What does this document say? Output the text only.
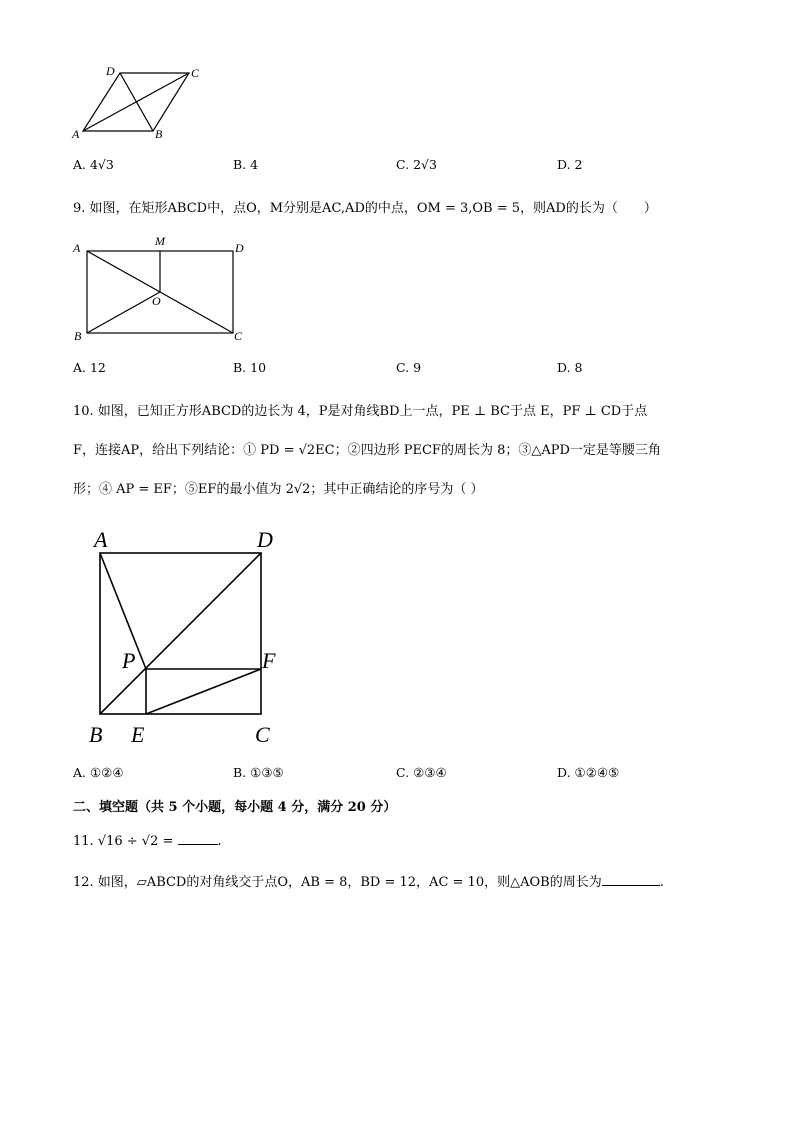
D	C
A	B
A. 4√3	B. 4	C. 2√3	D. 2
9. 如图，在矩形ABCD中，点O，M分别是AC,AD的中点，OM = 3,OB = 5，则AD的长为（　　）
A	M	D
O
B	C
A. 12	B. 10	C. 9	D. 8
10. 如图，已知正方形ABCD的边长为 4，P是对角线BD上一点，PE ⊥ BC于点 E，PF ⊥ CD于点
F，连接AP，给出下列结论：① PD = √2EC；②四边形 PECF的周长为 8；③△APD一定是等腰三角
形；④ AP = EF；⑤EF的最小值为 2√2；其中正确结论的序号为（ ）
A	D
P	F
B E	C
A. ①②④	B. ①③⑤	C. ②③④	D. ①②④⑤
二、填空题（共 5 个小题，每小题 4 分，满分 20 分）
11. √16 ÷ √2 =	.
12. 如图，▱ABCD的对角线交于点O，AB = 8，BD = 12，AC = 10，则△AOB的周长为	.
